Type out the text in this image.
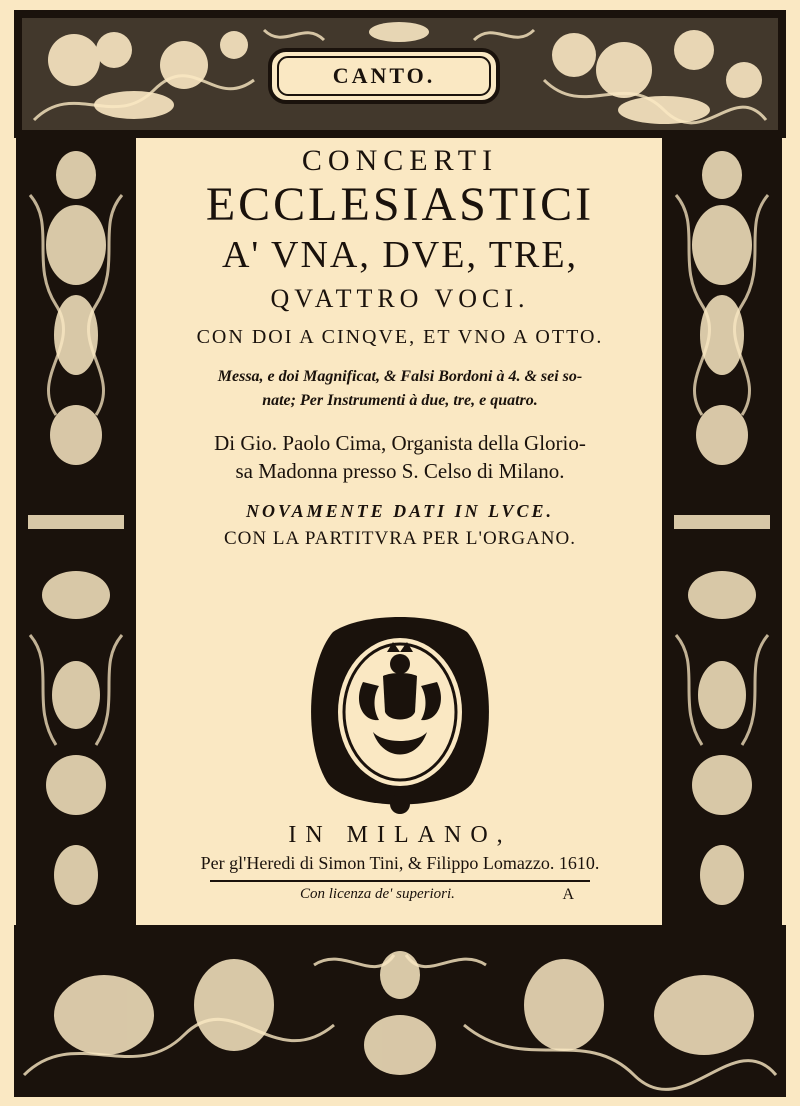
CANTO.
CONCERTI
ECCLESIASTICI
A' VNA, DVE, TRE,
QVATTRO VOCI.
CON DOI A CINQVE, ET VNO A OTTO.
Messa, e doi Magnificat, & Falsi Bordoni à 4. & sei so-
nate; Per Instrumenti à due, tre, e quatro.
Di Gio. Paolo Cima, Organista della Glorio-
sa Madonna presso S. Celso di Milano.
NOVAMENTE DATI IN LVCE.
CON LA PARTITVRA PER L'ORGANO.
IN MILANO,
Per gl'Heredi di Simon Tini, & Filippo Lomazzo. 1610.
Con licenza de' superiori.	A
